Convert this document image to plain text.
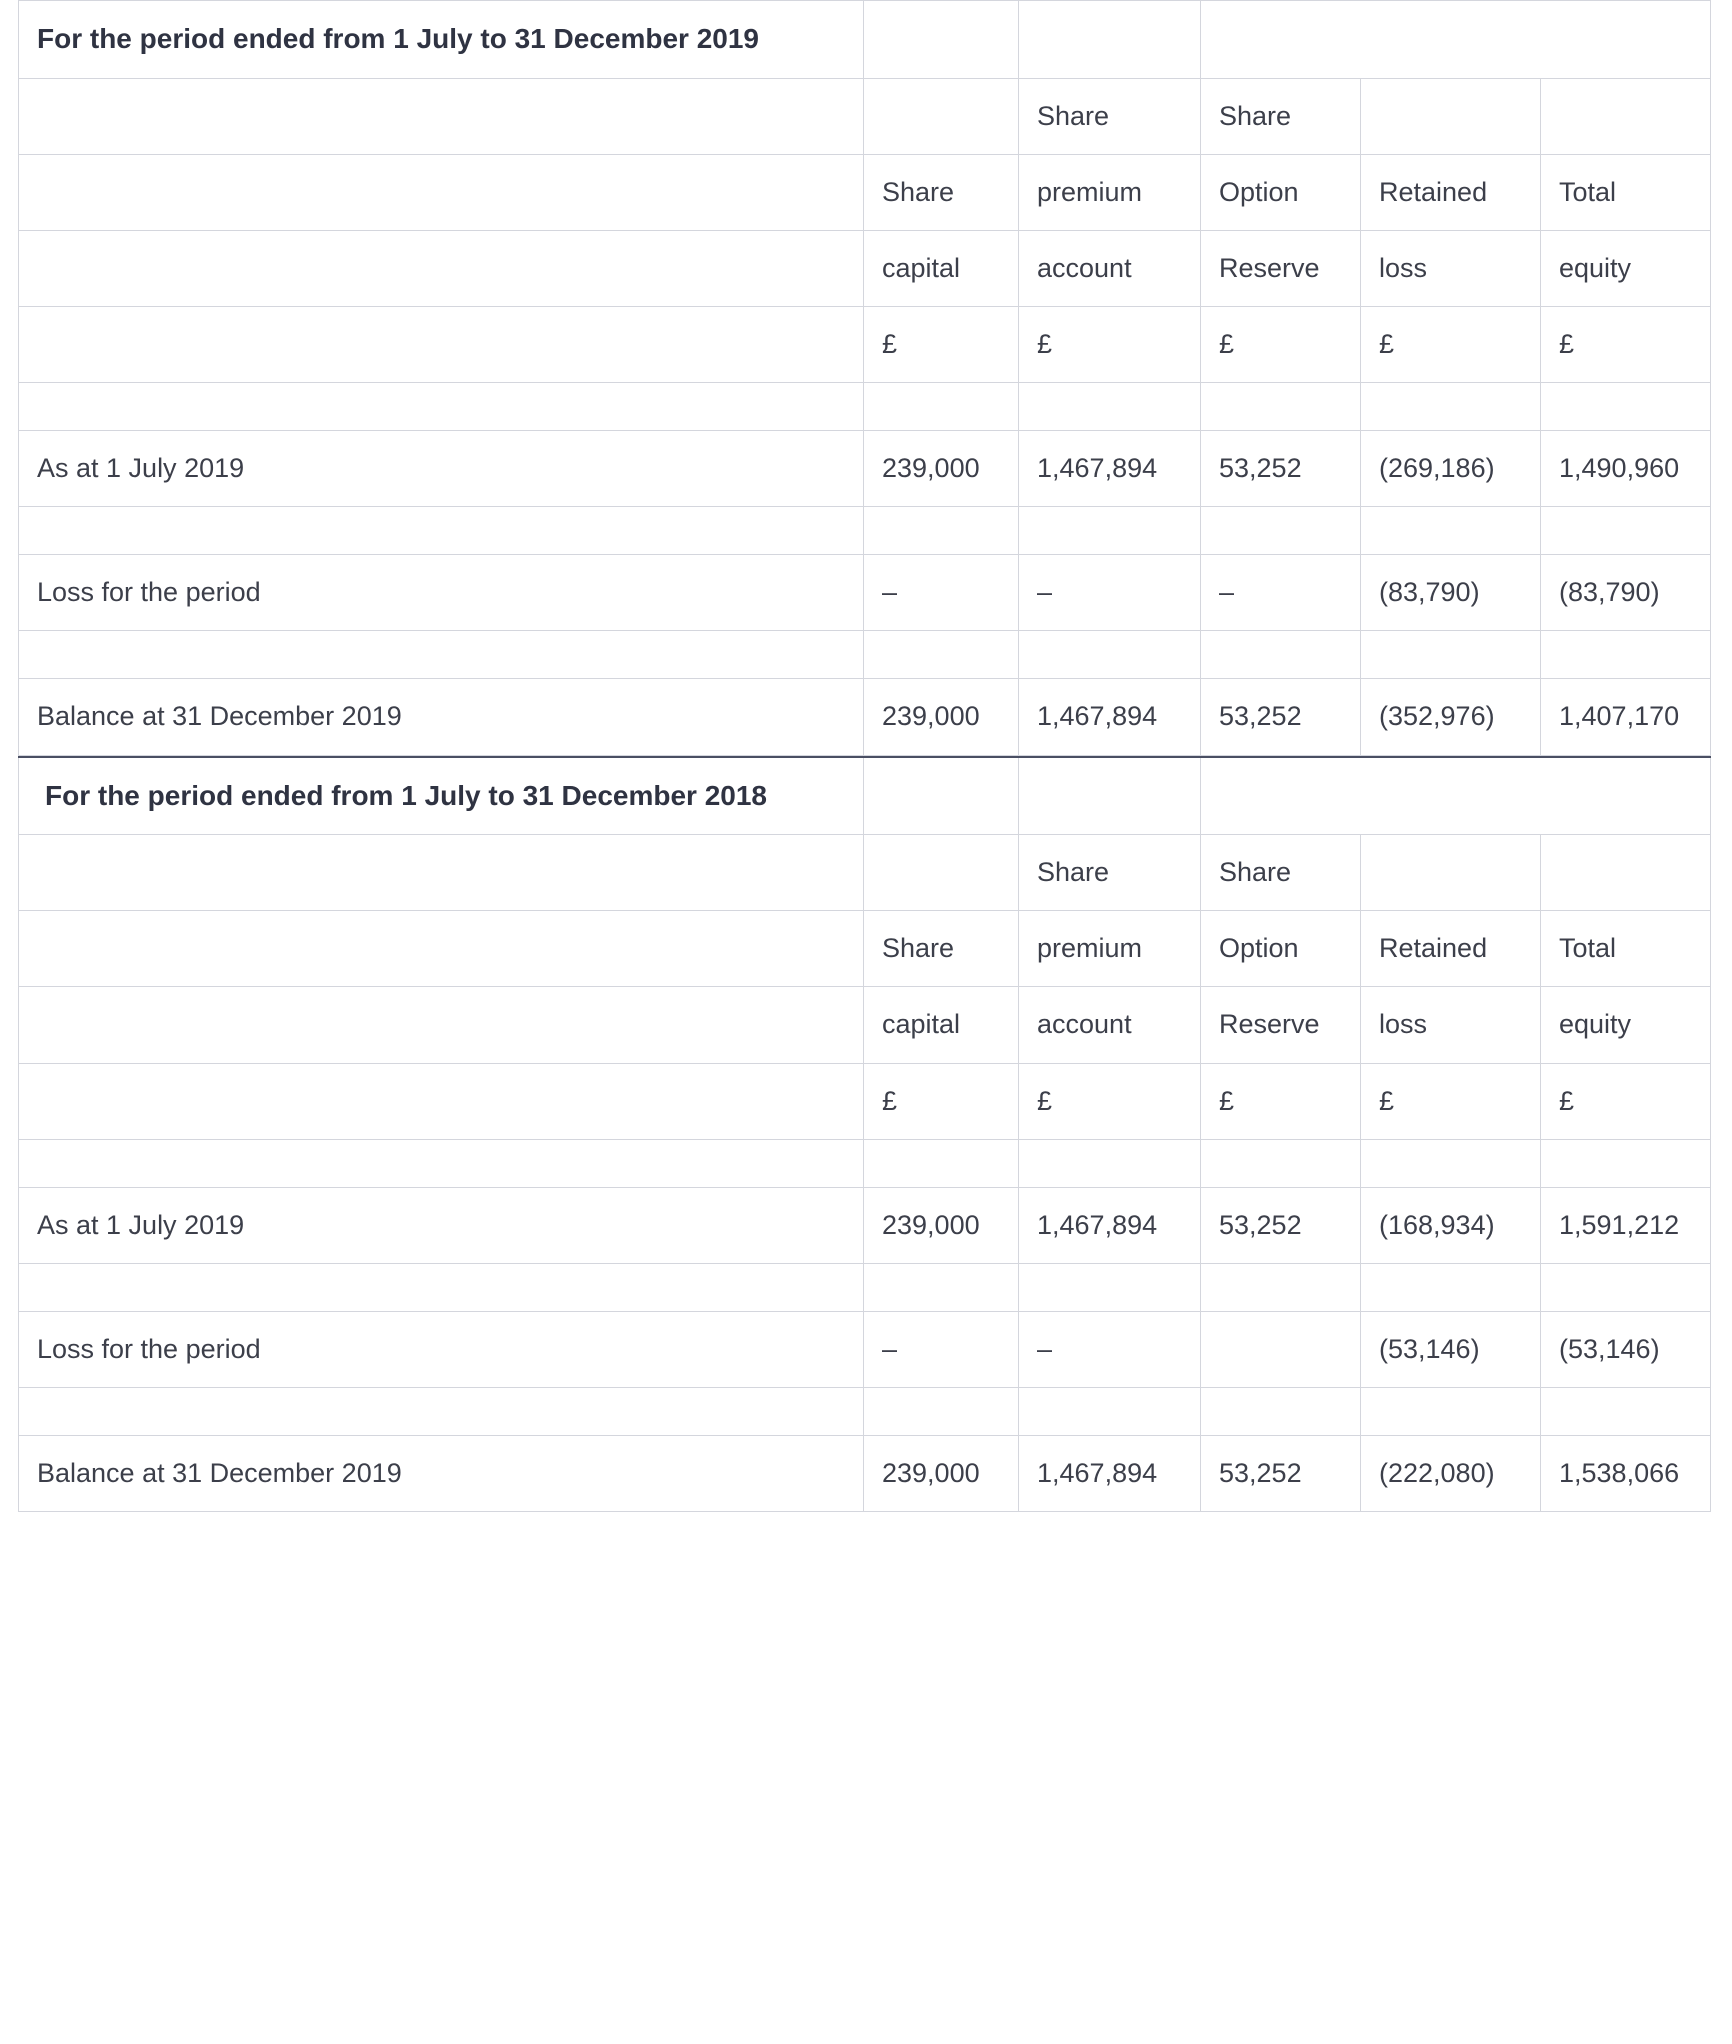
For the period ended from 1 July to 31 December 2019					
		Share	Share		
	Share	premium	Option	Retained	Total
	capital	account	Reserve	loss	equity
	£	£	£	£	£

As at 1 July 2019	239,000	1,467,894	53,252	(269,186)	1,490,960

Loss for the period	–	–	–	(83,790)	(83,790)

Balance at 31 December 2019	239,000	1,467,894	53,252	(352,976)	1,407,170
For the period ended from 1 July to 31 December 2018					
		Share	Share		
	Share	premium	Option	Retained	Total
	capital	account	Reserve	loss	equity
	£	£	£	£	£

As at 1 July 2019	239,000	1,467,894	53,252	(168,934)	1,591,212

Loss for the period	–	–		(53,146)	(53,146)

Balance at 31 December 2019	239,000	1,467,894	53,252	(222,080)	1,538,066
